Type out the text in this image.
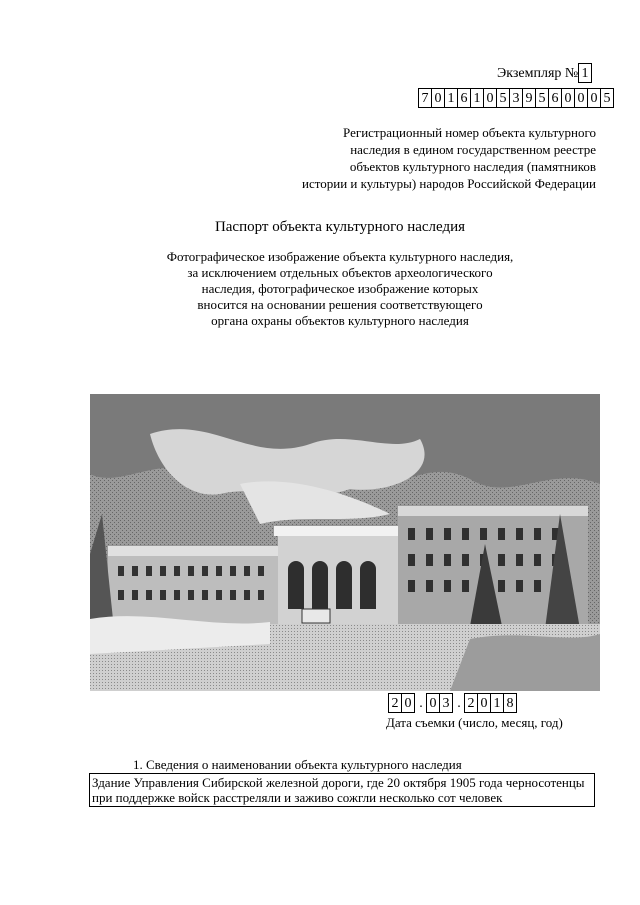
Экземпляр № 1
7 0 1 6 1 0 5 3 9 5 6 0 0 0 5
Регистрационный номер объекта культурного
наследия в едином государственном реестре
объектов культурного наследия (памятников
истории и культуры) народов Российской Федерации
Паспорт объекта культурного наследия
Фотографическое изображение объекта культурного наследия,
за исключением отдельных объектов археологического
наследия, фотографическое изображение которых
вносится на основании решения соответствующего
органа охраны объектов культурного наследия
2 0 . 0 3 . 2 0 1 8
Дата съемки (число, месяц, год)
1. Сведения о наименовании объекта культурного наследия
Здание Управления Сибирской железной дороги, где 20 октября 1905 года черносотенцы
при поддержке войск расстреляли и заживо сожгли несколько сот человек
